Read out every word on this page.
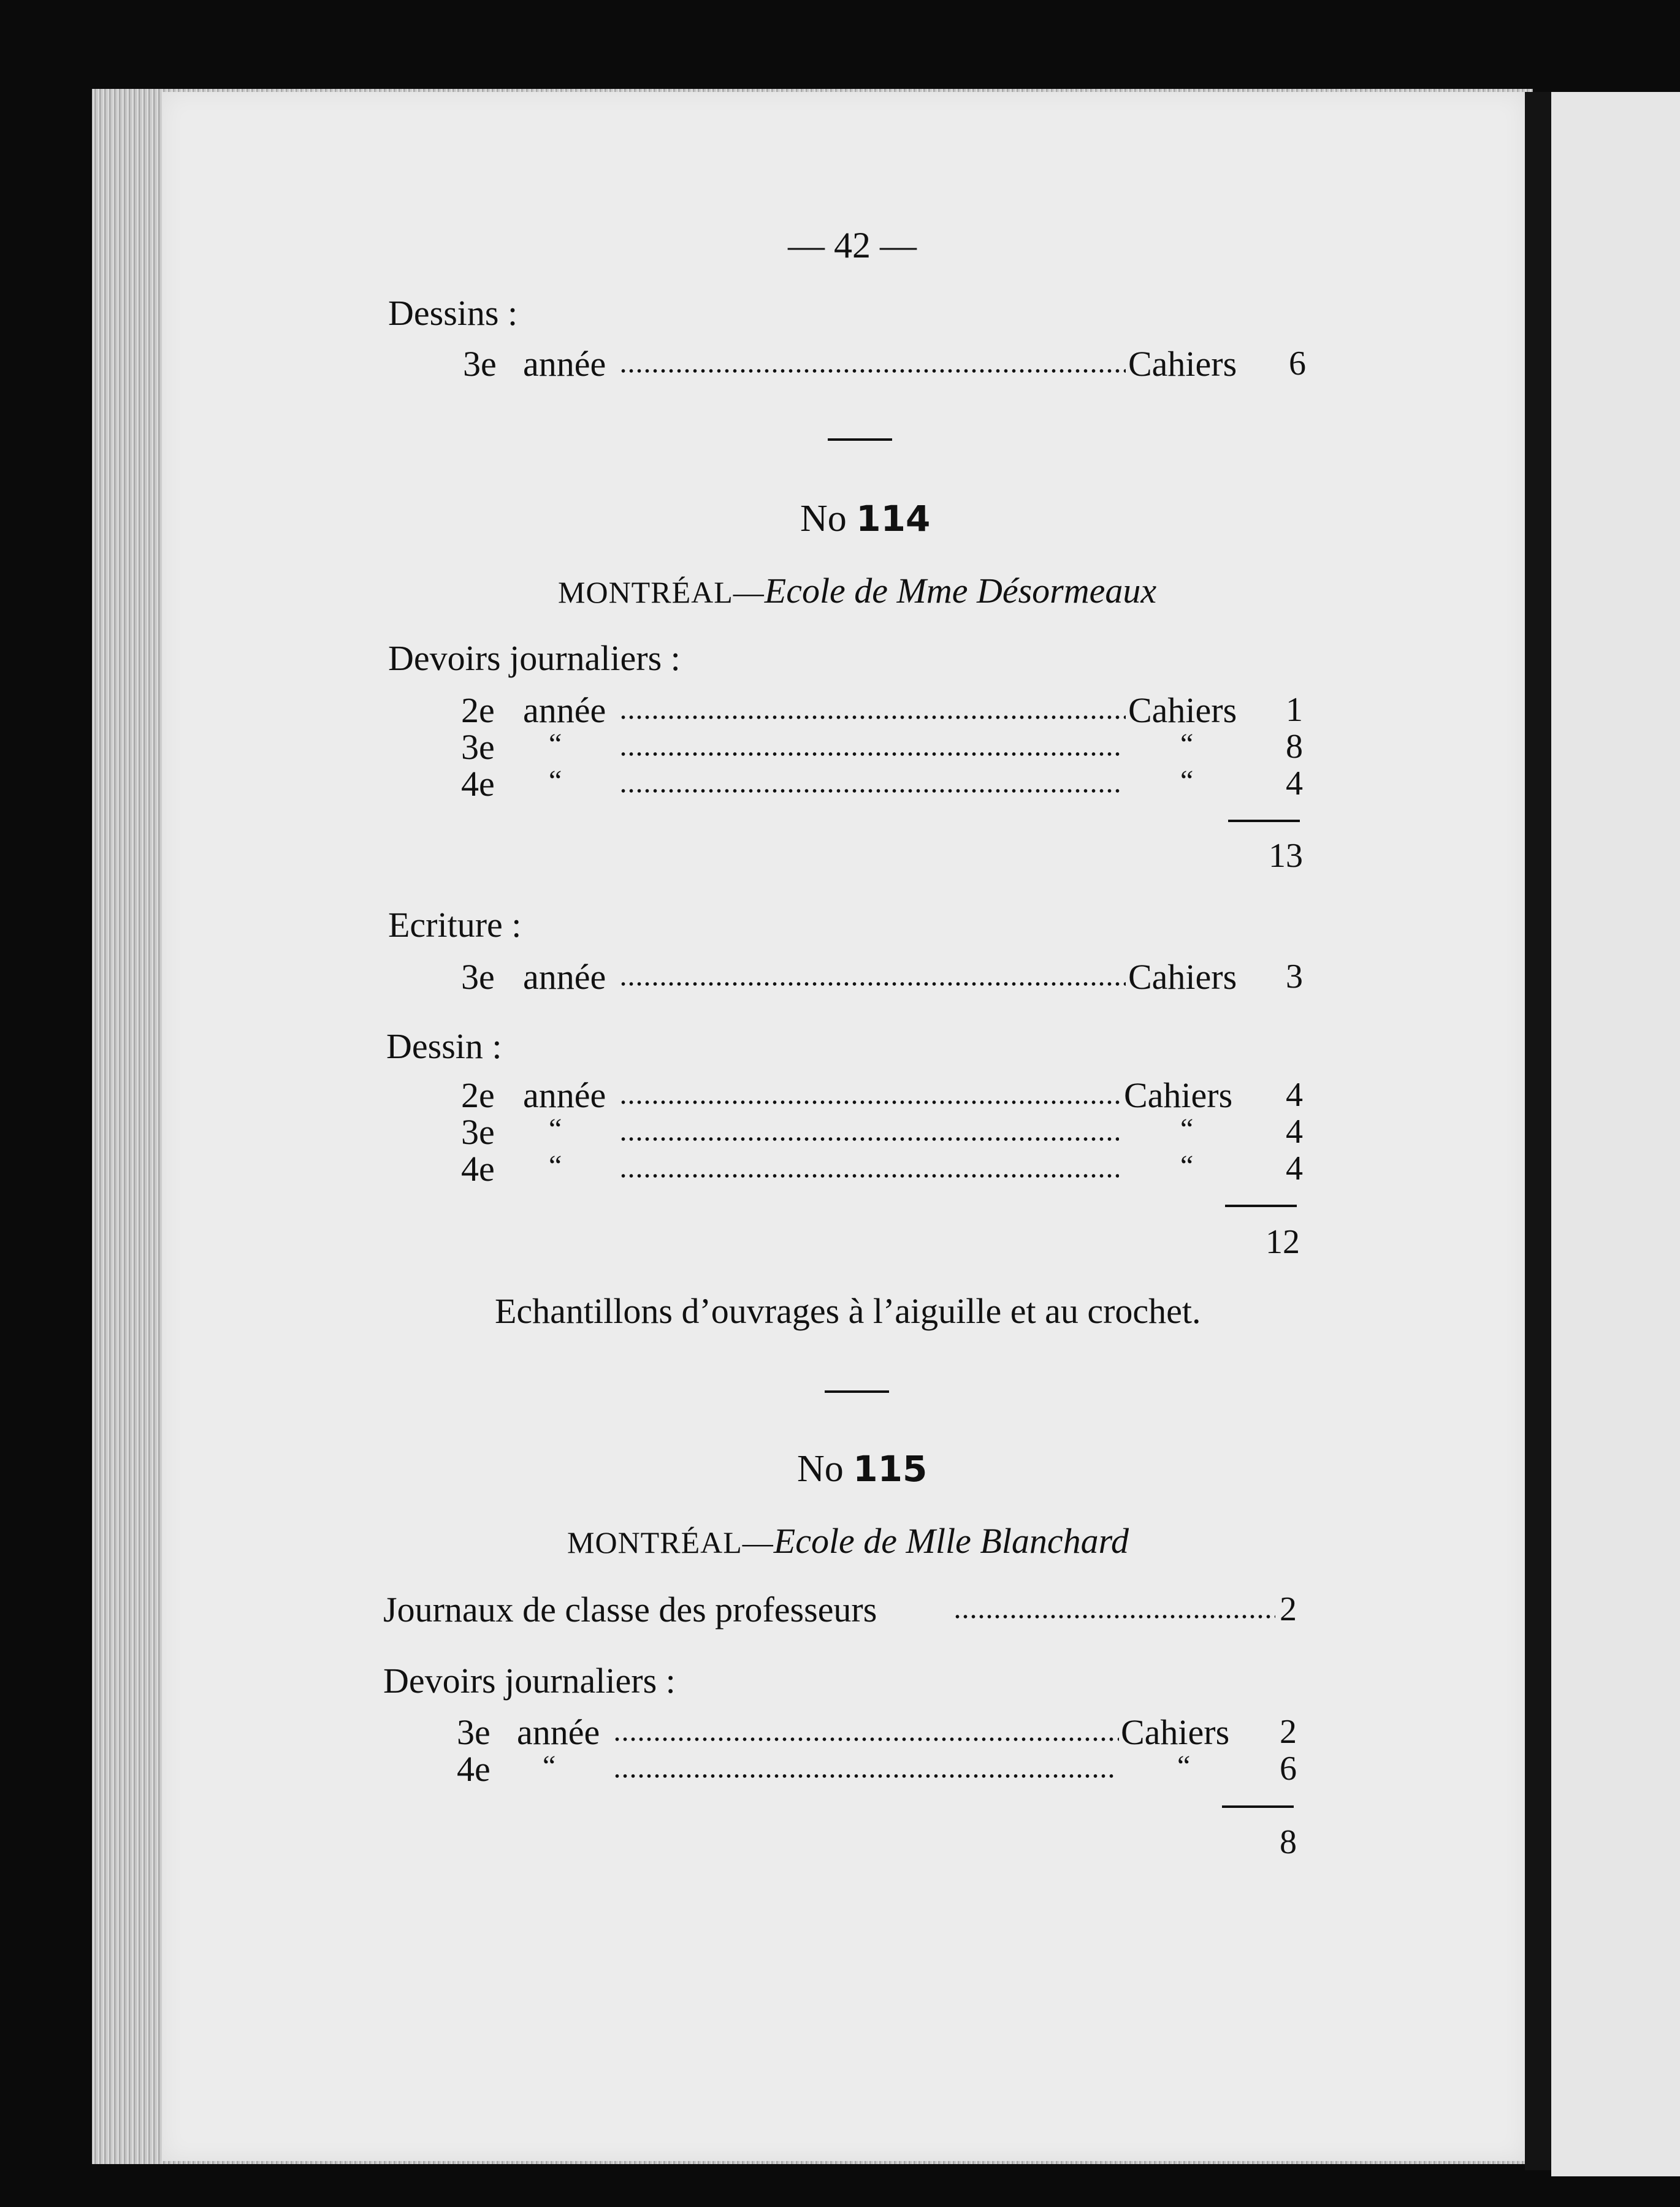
— 42 —
Dessins :
3e année	Cahiers	6
No 114
MONTRÉAL—Ecole de Mme Désormeaux
Devoirs journaliers :
2e année	Cahiers	1
3e “	“	8
4e “	“	4
13
Ecriture :
3e année	Cahiers	3
Dessin :
2e année	Cahiers	4
3e “	“	4
4e “	“	4
12
Echantillons d’ouvrages à l’aiguille et au crochet.
No 115
MONTRÉAL—Ecole de Mlle Blanchard
Journaux de classe des professeurs	2
Devoirs journaliers :
3e année	Cahiers	2
4e “	“	6
8
